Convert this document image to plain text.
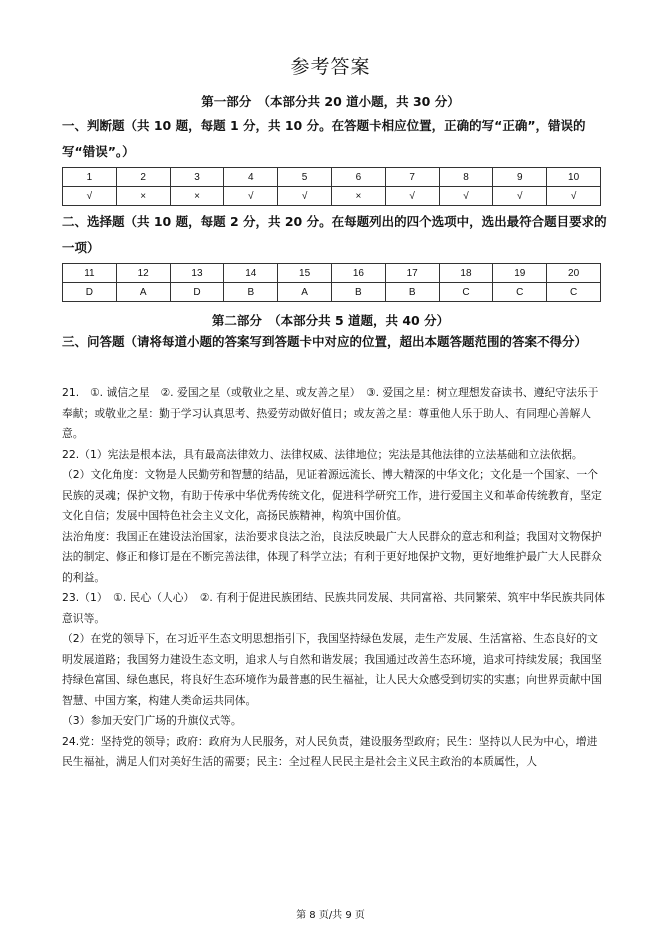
参考答案
第一部分　（本部分共 20 道小题，共 30 分）
一、判断题（共 10 题，每题 1 分，共 10 分。在答题卡相应位置，正确的写“正确”，错误的写“错误”。）
1	2	3	4	5	6	7	8	9	10
√	×	×	√	√	×	√	√	√	√
二、选择题（共 10 题，每题 2 分，共 20 分。在每题列出的四个选项中，选出最符合题目要求的一项）
11	12	13	14	15	16	17	18	19	20
D	A	D	B	A	B	B	C	C	C
第二部分　（本部分共 5 道题，共 40 分）
三、问答题（请将每道小题的答案写到答题卡中对应的位置，超出本题答题范围的答案不得分）

21.　①. 诚信之星　②. 爱国之星（或敬业之星、或友善之星）　③. 爱国之星：树立理想发奋读书、遵纪守法乐于奉献；或敬业之星：勤于学习认真思考、热爱劳动做好值日；或友善之星：尊重他人乐于助人、有同理心善解人意。

22.（1）宪法是根本法，具有最高法律效力、法律权威、法律地位；宪法是其他法律的立法基础和立法依据。

（2）文化角度：文物是人民勤劳和智慧的结晶，见证着源远流长、博大精深的中华文化；文化是一个国家、一个民族的灵魂；保护文物，有助于传承中华优秀传统文化，促进科学研究工作，进行爱国主义和革命传统教育，坚定文化自信；发展中国特色社会主义文化，高扬民族精神，构筑中国价值。

法治角度：我国正在建设法治国家，法治要求良法之治，良法反映最广大人民群众的意志和利益；我国对文物保护法的制定、修正和修订是在不断完善法律，体现了科学立法；有利于更好地保护文物，更好地维护最广大人民群众的利益。

23.（1）　①. 民心（人心）　②. 有利于促进民族团结、民族共同发展、共同富裕、共同繁荣、筑牢中华民族共同体意识等。

（2）在党的领导下，在习近平生态文明思想指引下，我国坚持绿色发展，走生产发展、生活富裕、生态良好的文明发展道路；我国努力建设生态文明，追求人与自然和谐发展；我国通过改善生态环境，追求可持续发展；我国坚持绿色富国、绿色惠民，将良好生态环境作为最普惠的民生福祉，让人民大众感受到切实的实惠；向世界贡献中国智慧、中国方案，构建人类命运共同体。

（3）参加天安门广场的升旗仪式等。

24.党：坚持党的领导；政府：政府为人民服务，对人民负责，建设服务型政府；民生：坚持以人民为中心，增进民生福祉，满足人们对美好生活的需要；民主：全过程人民民主是社会主义民主政治的本质属性，人

第 8 页/共 9 页
